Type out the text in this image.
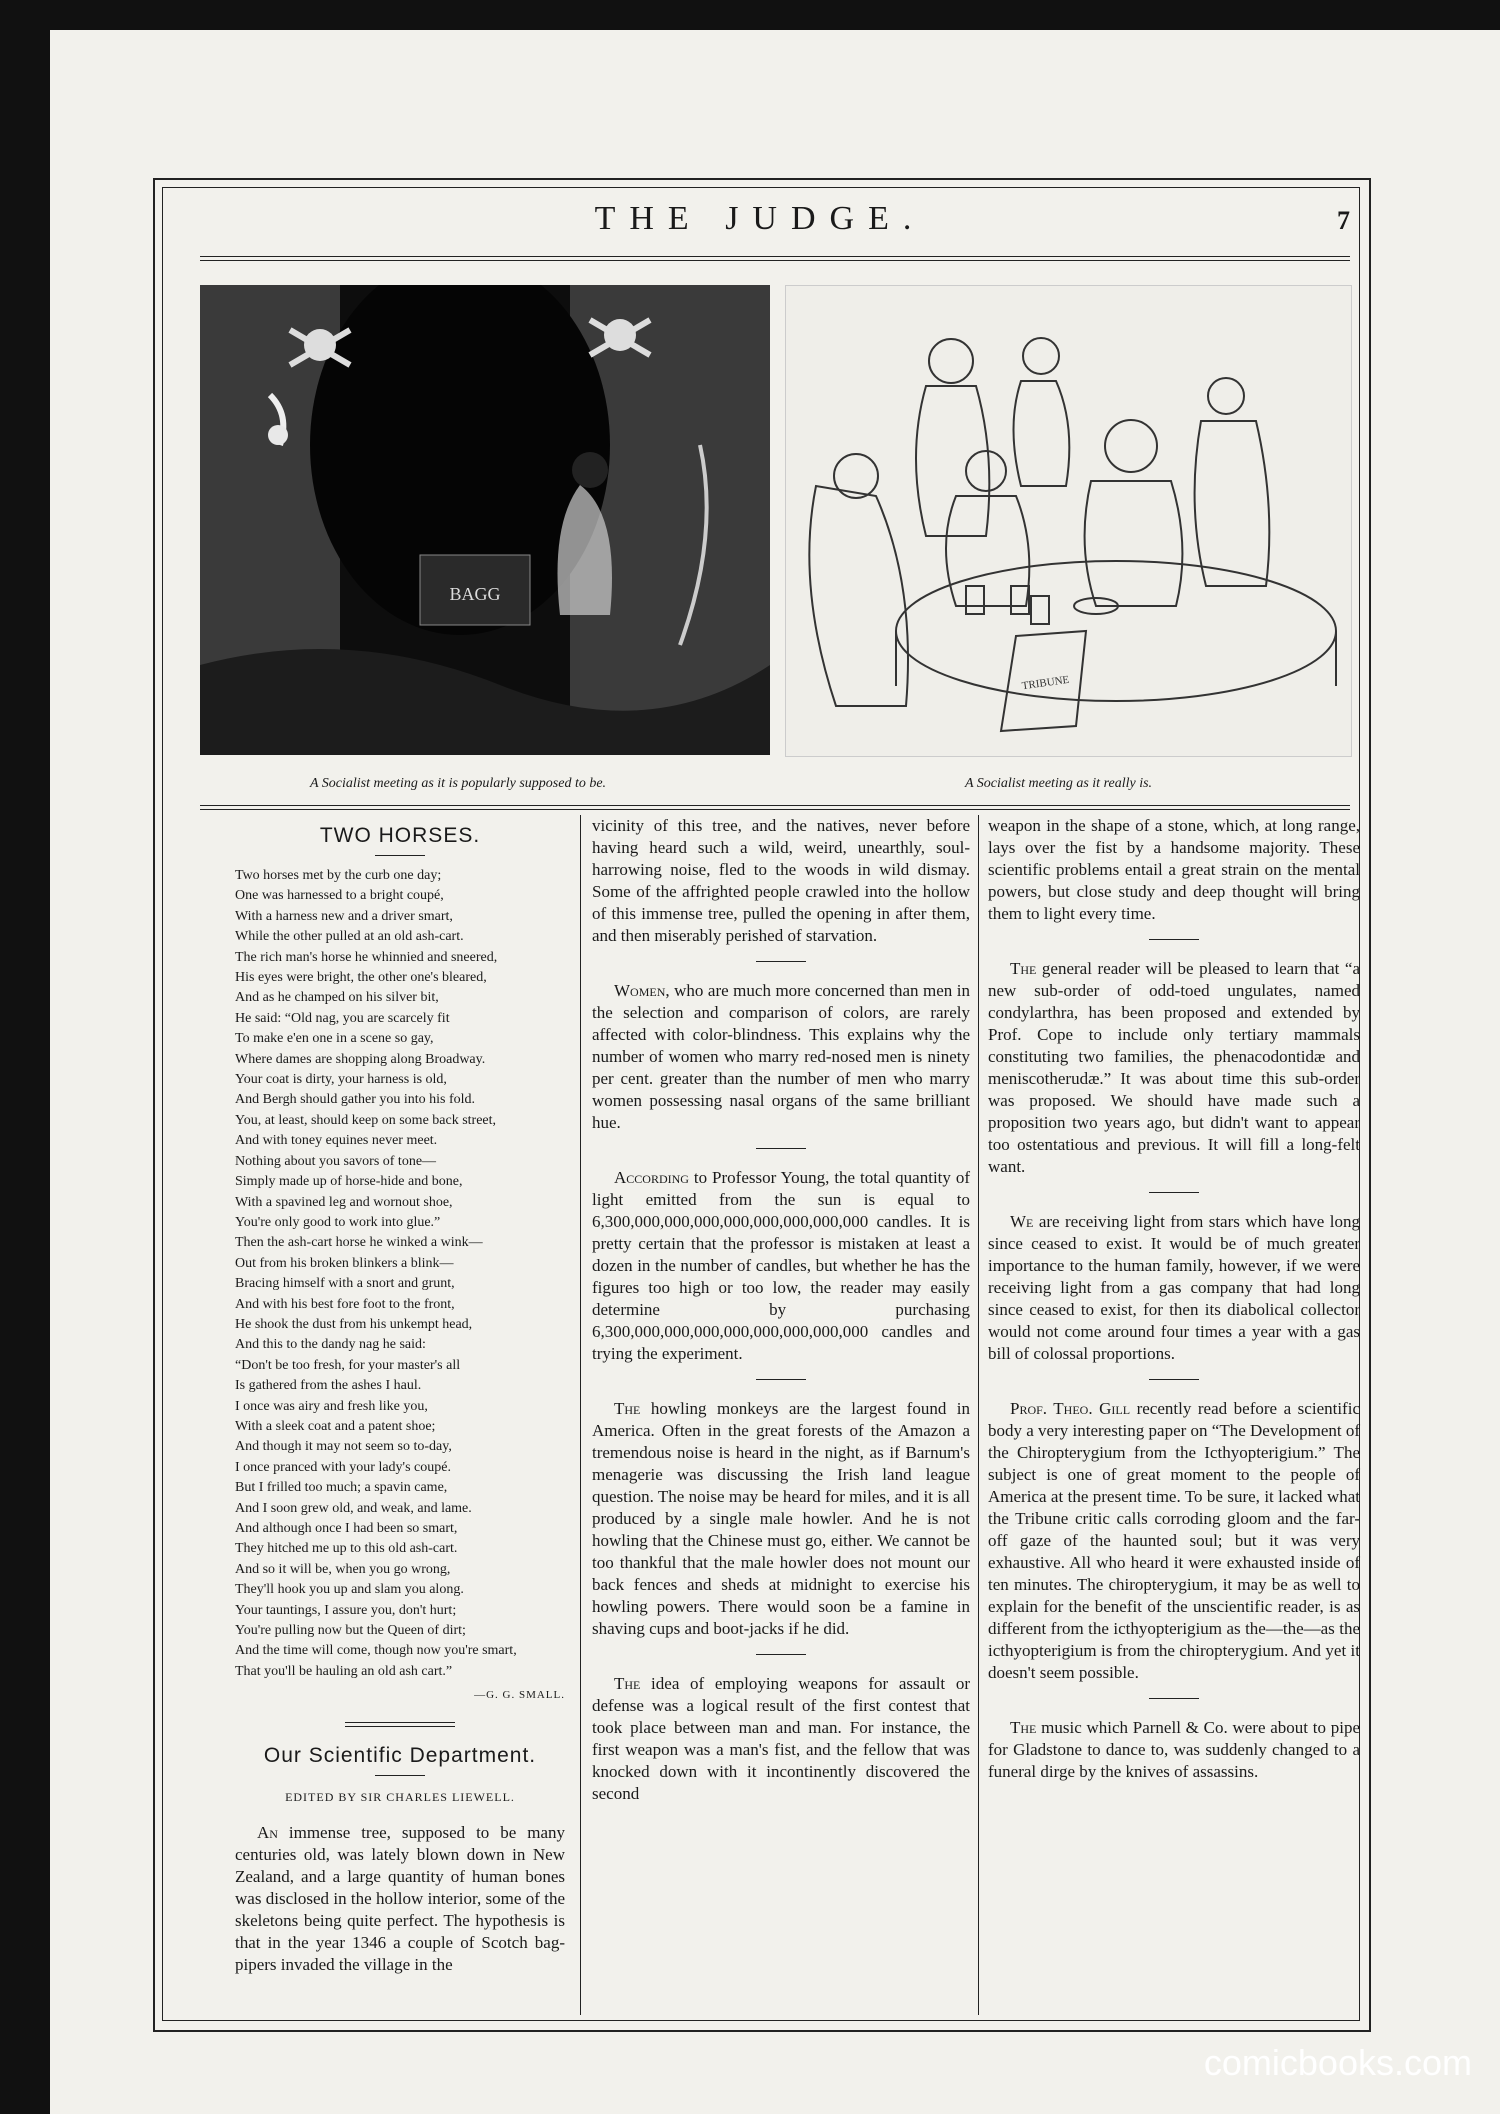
THE JUDGE.	7
BAGG
A Socialist meeting as it is popularly supposed to be.
TRIBUNE
A Socialist meeting as it really is.
TWO HORSES.
Two horses met by the curb one day;
One was harnessed to a bright coupé,
With a harness new and a driver smart,
While the other pulled at an old ash-cart.
The rich man's horse he whinnied and sneered,
His eyes were bright, the other one's bleared,
And as he champed on his silver bit,
He said: “Old nag, you are scarcely fit
To make e'en one in a scene so gay,
Where dames are shopping along Broadway.
Your coat is dirty, your harness is old,
And Bergh should gather you into his fold.
You, at least, should keep on some back street,
And with toney equines never meet.
Nothing about you savors of tone—
Simply made up of horse-hide and bone,
With a spavined leg and wornout shoe,
You're only good to work into glue.”
Then the ash-cart horse he winked a wink—
Out from his broken blinkers a blink—
Bracing himself with a snort and grunt,
And with his best fore foot to the front,
He shook the dust from his unkempt head,
And this to the dandy nag he said:
“Don't be too fresh, for your master's all
Is gathered from the ashes I haul.
I once was airy and fresh like you,
With a sleek coat and a patent shoe;
And though it may not seem so to-day,
I once pranced with your lady's coupé.
But I frilled too much; a spavin came,
And I soon grew old, and weak, and lame.
And although once I had been so smart,
They hitched me up to this old ash-cart.
And so it will be, when you go wrong,
They'll hook you up and slam you along.
Your tauntings, I assure you, don't hurt;
You're pulling now but the Queen of dirt;
And the time will come, though now you're smart,
That you'll be hauling an old ash cart.”
—G. G. SMALL.
Our Scientific Department.
EDITED BY SIR CHARLES LIEWELL.

An immense tree, supposed to be many centuries old, was lately blown down in New Zealand, and a large quantity of human bones was disclosed in the hollow interior, some of the skeletons being quite perfect. The hypothesis is that in the year 1346 a couple of Scotch bag-pipers invaded the village in the

vicinity of this tree, and the natives, never before having heard such a wild, weird, unearthly, soul-harrowing noise, fled to the woods in wild dismay. Some of the affrighted people crawled into the hollow of this immense tree, pulled the opening in after them, and then miserably perished of starvation.

Women, who are much more concerned than men in the selection and comparison of colors, are rarely affected with color-blindness. This explains why the number of women who marry red-nosed men is ninety per cent. greater than the number of men who marry women possessing nasal organs of the same brilliant hue.

According to Professor Young, the total quantity of light emitted from the sun is equal to 6,300,000,000,000,000,000,000,000,000 candles. It is pretty certain that the professor is mistaken at least a dozen in the number of candles, but whether he has the figures too high or too low, the reader may easily determine by purchasing 6,300,000,000,000,000,000,000,000,000 candles and trying the experiment.

The howling monkeys are the largest found in America. Often in the great forests of the Amazon a tremendous noise is heard in the night, as if Barnum's menagerie was discussing the Irish land league question. The noise may be heard for miles, and it is all produced by a single male howler. And he is not howling that the Chinese must go, either. We cannot be too thankful that the male howler does not mount our back fences and sheds at midnight to exercise his howling powers. There would soon be a famine in shaving cups and boot-jacks if he did.

The idea of employing weapons for assault or defense was a logical result of the first contest that took place between man and man. For instance, the first weapon was a man's fist, and the fellow that was knocked down with it incontinently discovered the second

weapon in the shape of a stone, which, at long range, lays over the fist by a handsome majority. These scientific problems entail a great strain on the mental powers, but close study and deep thought will bring them to light every time.

The general reader will be pleased to learn that “a new sub-order of odd-toed ungulates, named condylarthra, has been proposed and extended by Prof. Cope to include only tertiary mammals constituting two families, the phenacodontidæ and meniscotherudæ.” It was about time this sub-order was proposed. We should have made such a proposition two years ago, but didn't want to appear too ostentatious and previous. It will fill a long-felt want.

We are receiving light from stars which have long since ceased to exist. It would be of much greater importance to the human family, however, if we were receiving light from a gas company that had long since ceased to exist, for then its diabolical collector would not come around four times a year with a gas bill of colossal proportions.

Prof. Theo. Gill recently read before a scientific body a very interesting paper on “The Development of the Chiropterygium from the Icthyopterigium.” The subject is one of great moment to the people of America at the present time. To be sure, it lacked what the Tribune critic calls corroding gloom and the far-off gaze of the haunted soul; but it was very exhaustive. All who heard it were exhausted inside of ten minutes. The chiropterygium, it may be as well to explain for the benefit of the unscientific reader, is as different from the icthyopterigium as the—the—as the icthyopterigium is from the chiropterygium. And yet it doesn't seem possible.

The music which Parnell & Co. were about to pipe for Gladstone to dance to, was suddenly changed to a funeral dirge by the knives of assassins.

comicbooks.com
